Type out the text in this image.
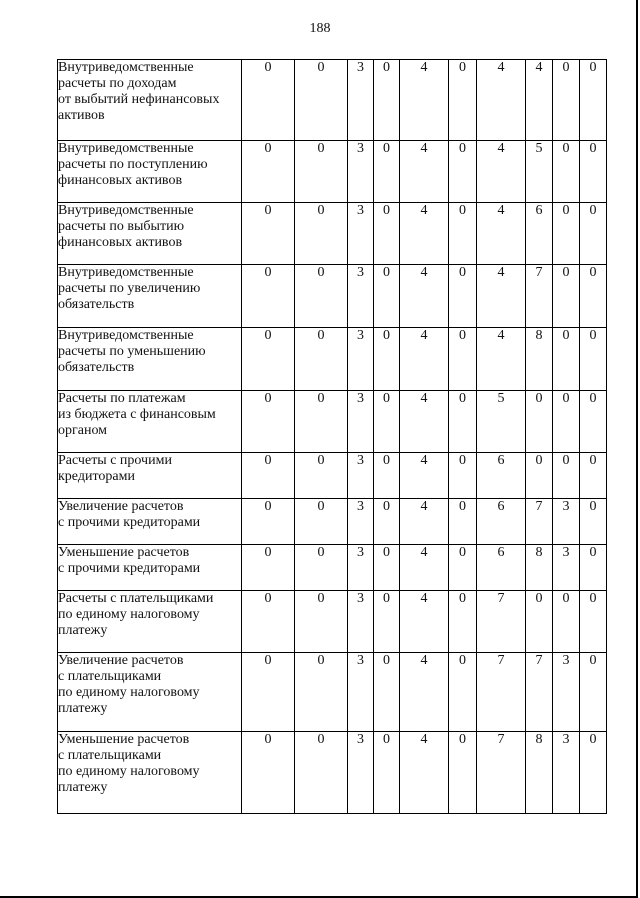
188
Внутриведомственные
расчеты по доходам
от выбытий нефинансовых
активов	0	0	3	0	4	0	4	4	0	0

Внутриведомственные
расчеты по поступлению
финансовых активов	0	0	3	0	4	0	4	5	0	0

Внутриведомственные
расчеты по выбытию
финансовых активов	0	0	3	0	4	0	4	6	0	0

Внутриведомственные
расчеты по увеличению
обязательств	0	0	3	0	4	0	4	7	0	0

Внутриведомственные
расчеты по уменьшению
обязательств	0	0	3	0	4	0	4	8	0	0

Расчеты по платежам
из бюджета с финансовым
органом	0	0	3	0	4	0	5	0	0	0

Расчеты с прочими
кредиторами	0	0	3	0	4	0	6	0	0	0

Увеличение расчетов
с прочими кредиторами	0	0	3	0	4	0	6	7	3	0

Уменьшение расчетов
с прочими кредиторами	0	0	3	0	4	0	6	8	3	0

Расчеты с плательщиками
по единому налоговому
платежу	0	0	3	0	4	0	7	0	0	0

Увеличение расчетов
с плательщиками
по единому налоговому
платежу	0	0	3	0	4	0	7	7	3	0

Уменьшение расчетов
с плательщиками
по единому налоговому
платежу	0	0	3	0	4	0	7	8	3	0
